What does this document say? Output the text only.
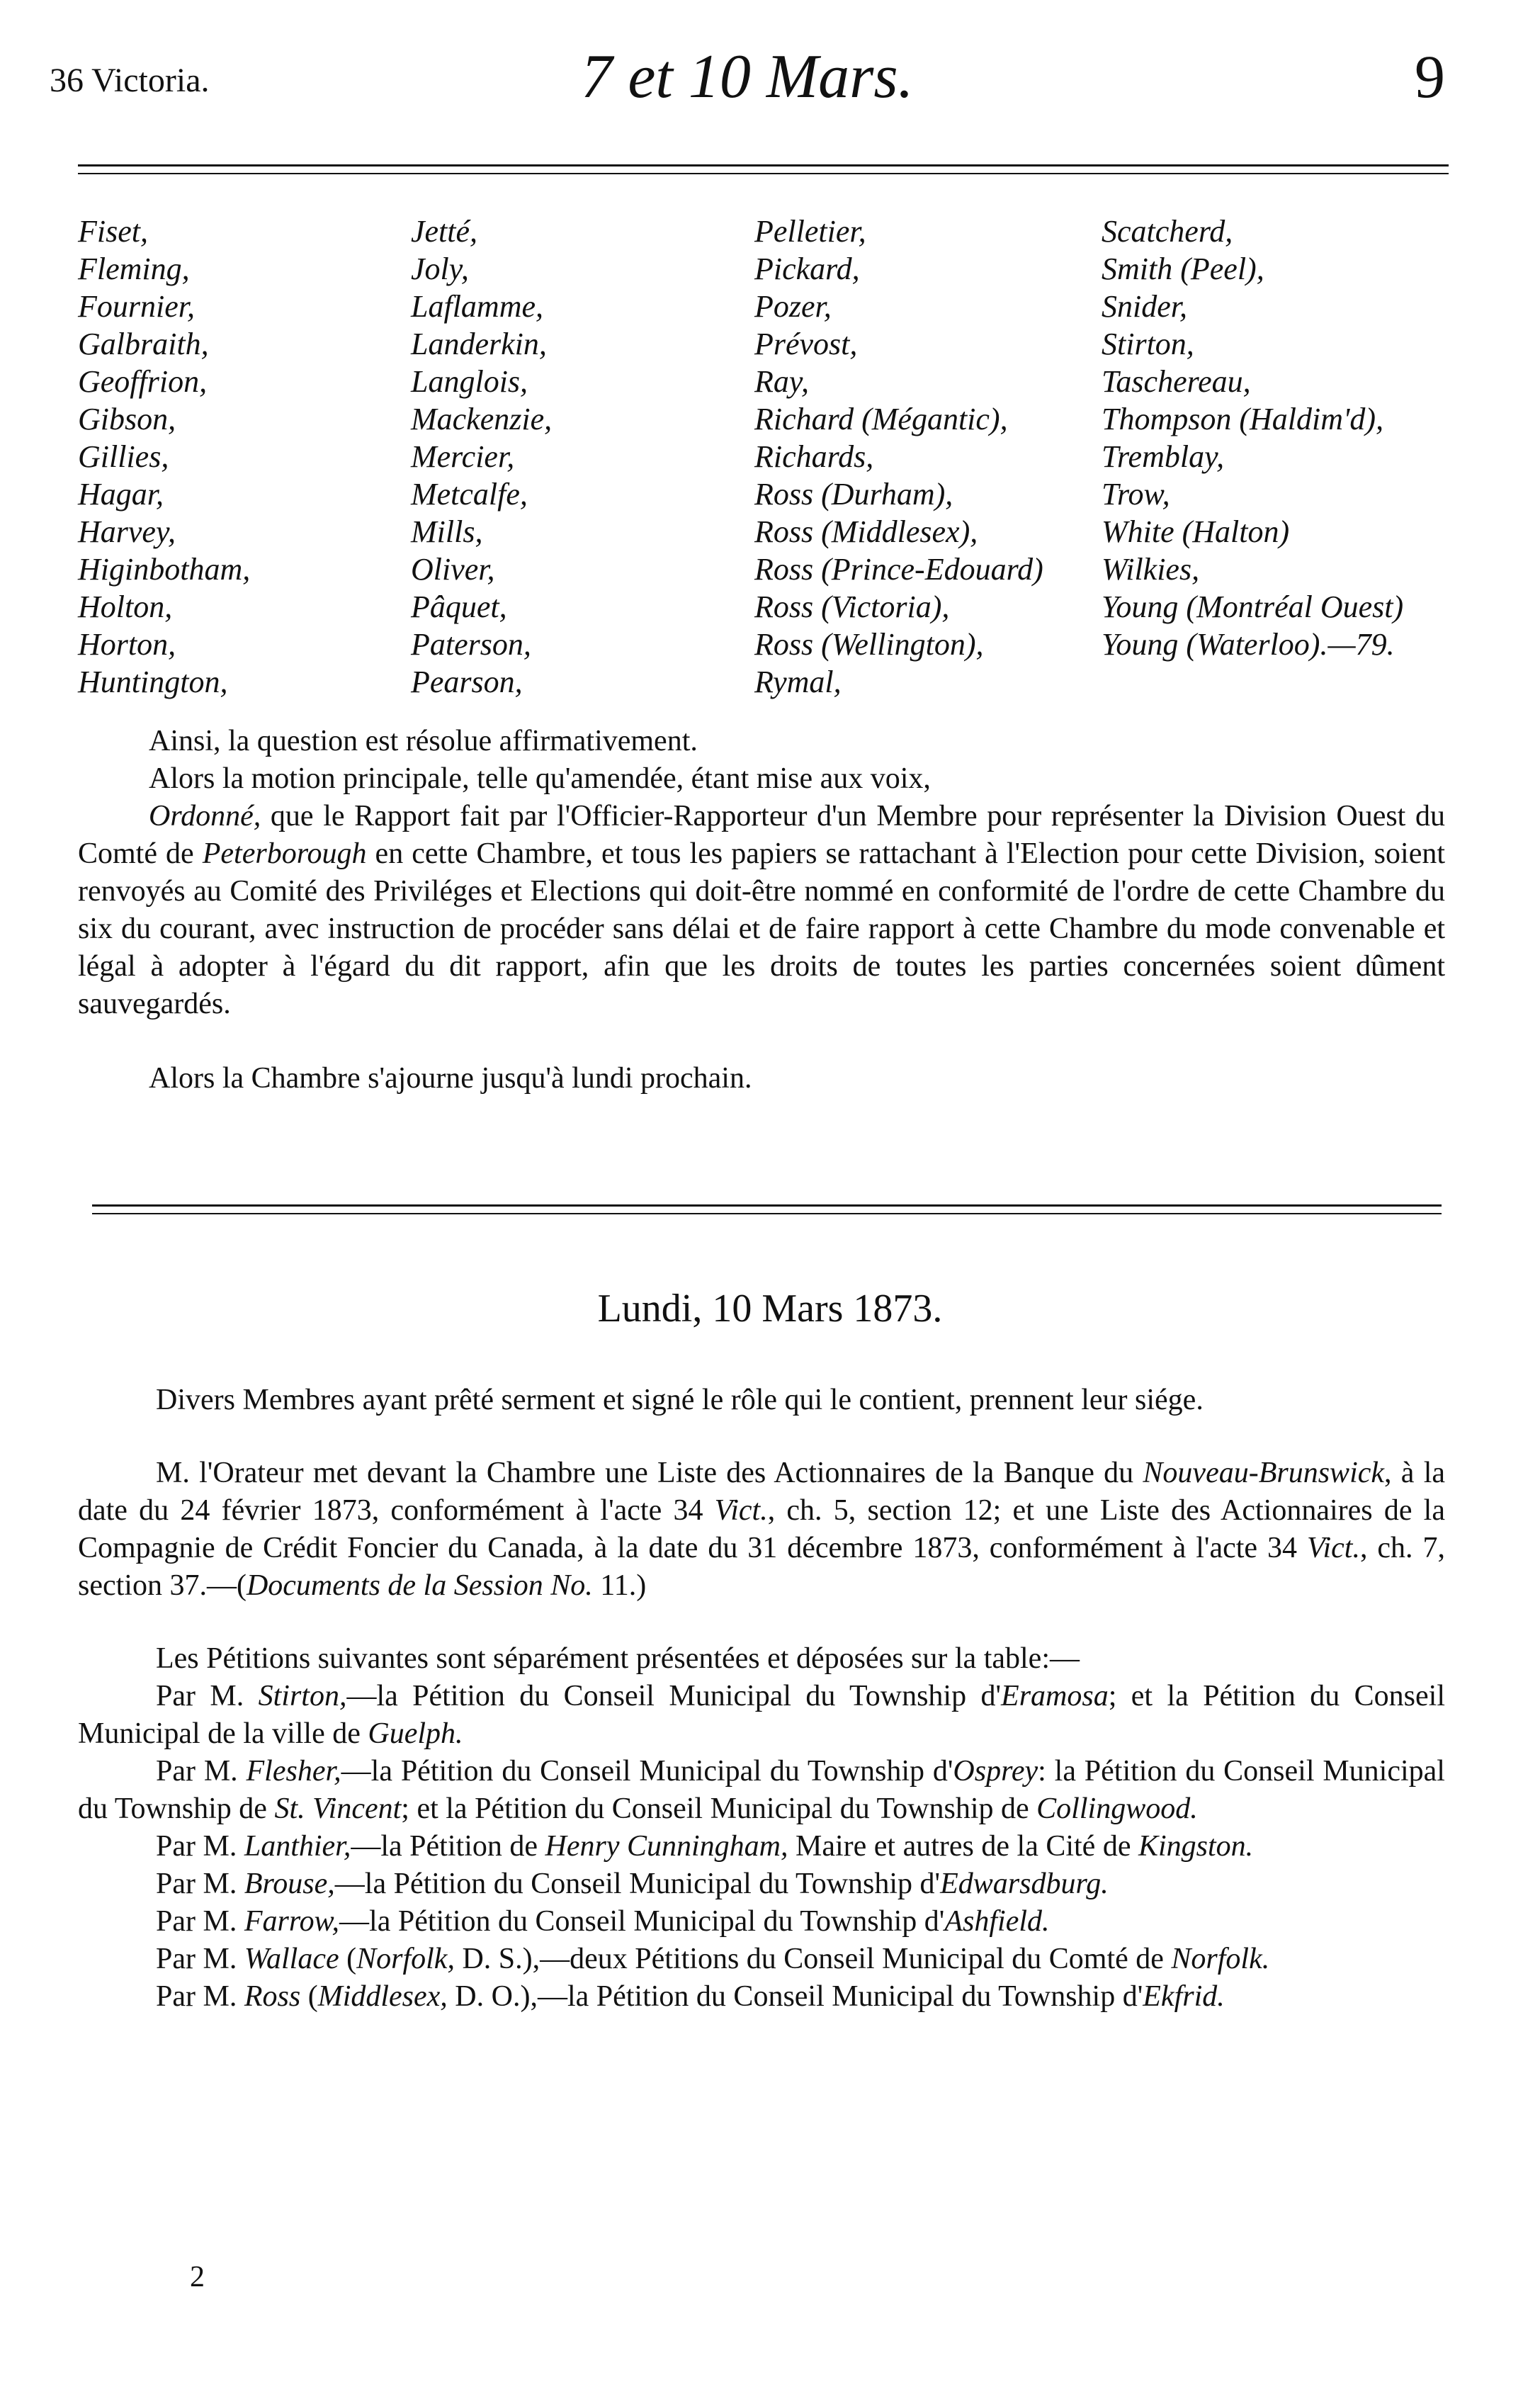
36 Victoria.	7 et 10 Mars.	9
Fiset,
Fleming,
Fournier,
Galbraith,
Geoffrion,
Gibson,
Gillies,
Hagar,
Harvey,
Higinbotham,
Holton,
Horton,
Huntington,
Jetté,
Joly,
Laflamme,
Landerkin,
Langlois,
Mackenzie,
Mercier,
Metcalfe,
Mills,
Oliver,
Pâquet,
Paterson,
Pearson,
Pelletier,
Pickard,
Pozer,
Prévost,
Ray,
Richard (Mégantic),
Richards,
Ross (Durham),
Ross (Middlesex),
Ross (Prince-Edouard)
Ross (Victoria),
Ross (Wellington),
Rymal,
Scatcherd,
Smith (Peel),
Snider,
Stirton,
Taschereau,
Thompson (Haldim'd),
Tremblay,
Trow,
White (Halton)
Wilkies,
Young (Montréal Ouest)
Young (Waterloo).—79.

Ainsi, la question est résolue affirmativement.

Alors la motion principale, telle qu'amendée, étant mise aux voix,

Ordonné, que le Rapport fait par l'Officier-Rapporteur d'un Membre pour représenter la Division Ouest du Comté de Peterborough en cette Chambre, et tous les papiers se rattachant à l'Election pour cette Division, soient renvoyés au Comité des Priviléges et Elections qui doit-être nommé en conformité de l'ordre de cette Chambre du six du courant, avec instruction de procéder sans délai et de faire rapport à cette Chambre du mode convenable et légal à adopter à l'égard du dit rapport, afin que les droits de toutes les parties concernées soient dûment sauvegardés.

Alors la Chambre s'ajourne jusqu'à lundi prochain.

Lundi, 10 Mars 1873.

Divers Membres ayant prêté serment et signé le rôle qui le contient, prennent leur siége.

M. l'Orateur met devant la Chambre une Liste des Actionnaires de la Banque du Nouveau-Brunswick, à la date du 24 février 1873, conformément à l'acte 34 Vict., ch. 5, section 12; et une Liste des Actionnaires de la Compagnie de Crédit Foncier du Canada, à la date du 31 décembre 1873, conformément à l'acte 34 Vict., ch. 7, section 37.—(Documents de la Session No. 11.)

Les Pétitions suivantes sont séparément présentées et déposées sur la table:—

Par M. Stirton,—la Pétition du Conseil Municipal du Township d'Eramosa; et la Pétition du Conseil Municipal de la ville de Guelph.

Par M. Flesher,—la Pétition du Conseil Municipal du Township d'Osprey: la Pétition du Conseil Municipal du Township de St. Vincent; et la Pétition du Conseil Municipal du Township de Collingwood.

Par M. Lanthier,—la Pétition de Henry Cunningham, Maire et autres de la Cité de Kingston.

Par M. Brouse,—la Pétition du Conseil Municipal du Township d'Edwarsdburg.

Par M. Farrow,—la Pétition du Conseil Municipal du Township d'Ashfield.

Par M. Wallace (Norfolk, D. S.),—deux Pétitions du Conseil Municipal du Comté de Norfolk.

Par M. Ross (Middlesex, D. O.),—la Pétition du Conseil Municipal du Township d'Ekfrid.

2
